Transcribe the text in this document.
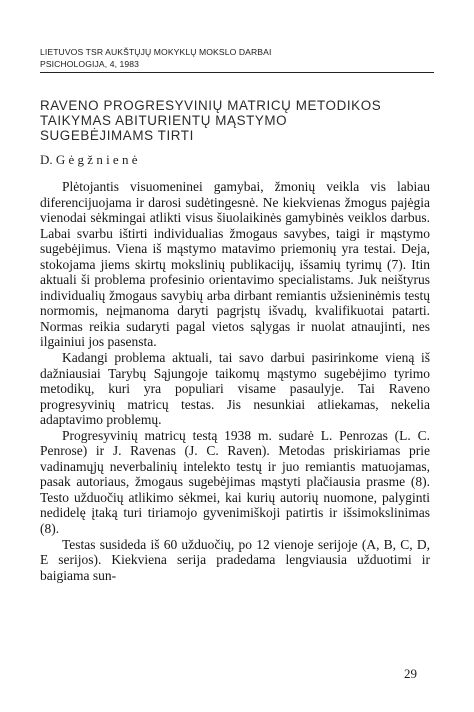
LIETUVOS TSR AUKŠTŲJŲ MOKYKLŲ MOKSLO DARBAI
PSICHOLOGIJA, 4, 1983
RAVENO PROGRESYVINIŲ MATRICŲ METODIKOS
TAIKYMAS ABITURIENTŲ MĄSTYMO
SUGEBĖJIMAMS TIRTI
D. G ė g ž n i e n ė

Plėtojantis visuomeninei gamybai, žmonių veikla vis labiau diferencijuojama ir darosi sudėtingesnė. Ne kiekvienas žmogus pajėgia vienodai sėkmingai atlikti visus šiuolaikinės gamybinės veiklos darbus. Labai svarbu ištirti individualias žmogaus savybes, taigi ir mąstymo sugebėjimus. Viena iš mąstymo matavimo priemonių yra testai. Deja, stokojama jiems skirtų mokslinių publikacijų, išsamių tyrimų (7). Itin aktuali ši problema profesinio orientavimo specialistams. Juk neištyrus individualių žmogaus savybių arba dirbant remiantis užsieninėmis testų normomis, neįmanoma daryti pagrįstų išvadų, kvalifikuotai patarti. Normas reikia sudaryti pagal vietos sąlygas ir nuolat atnaujinti, nes ilgainiui jos pasensta.

Kadangi problema aktuali, tai savo darbui pasirinkome vieną iš dažniausiai Tarybų Sąjungoje taikomų mąstymo sugebėjimo tyrimo metodikų, kuri yra populiari visame pasaulyje. Tai Raveno progresyvinių matricų testas. Jis nesunkiai atliekamas, nekelia adaptavimo problemų.

Progresyvinių matricų testą 1938 m. sudarė L. Penrozas (L. C. Penrose) ir J. Ravenas (J. C. Raven). Metodas priskiriamas prie vadinamųjų neverbalinių intelekto testų ir juo remiantis matuojamas, pasak autoriaus, žmogaus sugebėjimas mąstyti plačiausia prasme (8). Testo užduočių atlikimo sėkmei, kai kurių autorių nuomone, palyginti nedidelę įtaką turi tiriamojo gyvenimiškoji patirtis ir išsimokslinimas (8).

Testas susideda iš 60 užduočių, po 12 vienoje serijoje (A, B, C, D, E serijos). Kiekviena serija pradedama lengviausia užduotimi ir baigiama sun-

29
